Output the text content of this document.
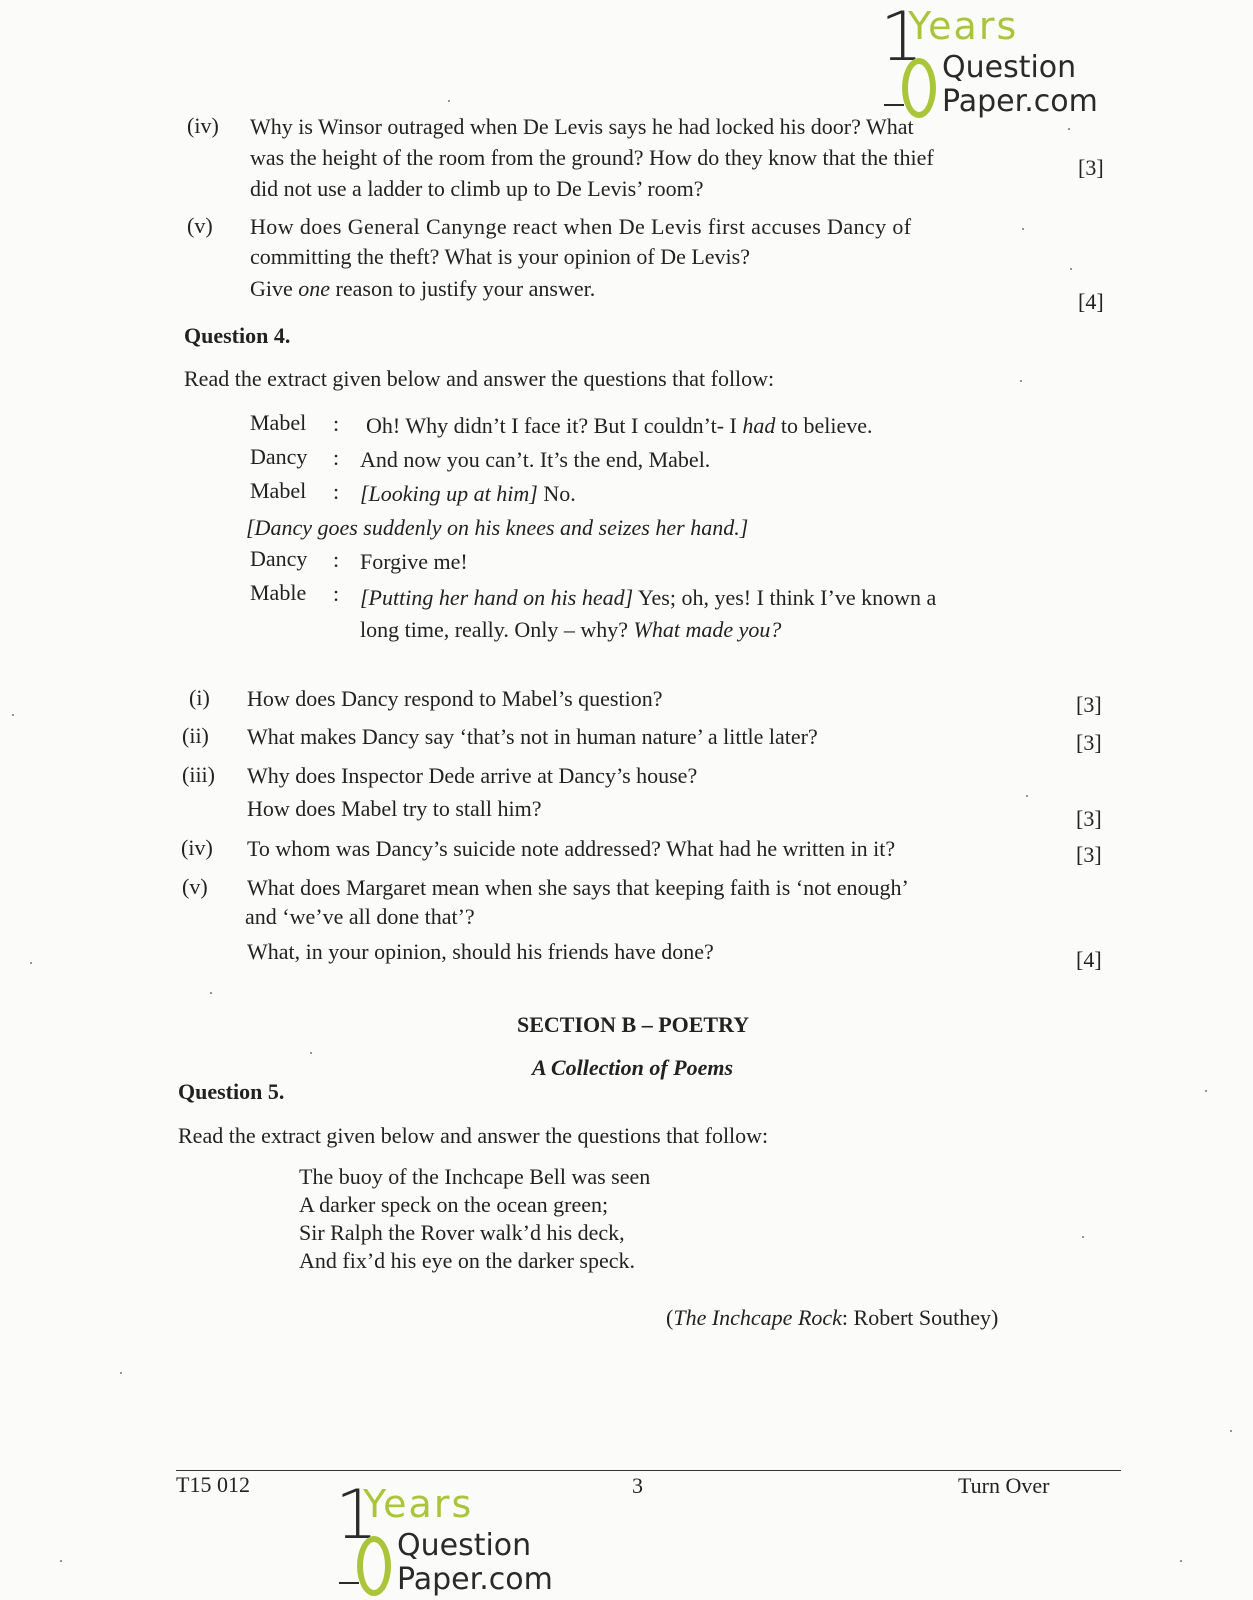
1
Years
Question
Paper.com
(iv) Why is Winsor outraged when De Levis says he had locked his door? What
was the height of the room from the ground? How do they know that the thief
did not use a ladder to climb up to De Levis’ room?
[3]
(v) How does General Canynge react when De Levis first accuses Dancy of
committing the theft? What is your opinion of De Levis?
Give one reason to justify your answer.
[4]
Question 4.
Read the extract given below and answer the questions that follow:
Mabel : Oh! Why didn’t I face it? But I couldn’t- I had to believe.
Dancy : And now you can’t. It’s the end, Mabel.
Mabel : [Looking up at him] No.
[Dancy goes suddenly on his knees and seizes her hand.]
Dancy : Forgive me!
Mable : [Putting her hand on his head] Yes; oh, yes! I think I’ve known a
long time, really. Only – why? What made you?
(i) How does Dancy respond to Mabel’s question?	[3]
(ii) What makes Dancy say ‘that’s not in human nature’ a little later?	[3]
(iii) Why does Inspector Dede arrive at Dancy’s house?
How does Mabel try to stall him?	[3]
(iv) To whom was Dancy’s suicide note addressed? What had he written in it?	[3]
(v) What does Margaret mean when she says that keeping faith is ‘not enough’
and ‘we’ve all done that’?
What, in your opinion, should his friends have done?	[4]
SECTION B – POETRY
A Collection of Poems
Question 5.
Read the extract given below and answer the questions that follow:
The buoy of the Inchcape Bell was seen
A darker speck on the ocean green;
Sir Ralph the Rover walk’d his deck,
And fix’d his eye on the darker speck.
(The Inchcape Rock: Robert Southey)
T15 012	3	Turn Over
1
Years
Question
Paper.com
